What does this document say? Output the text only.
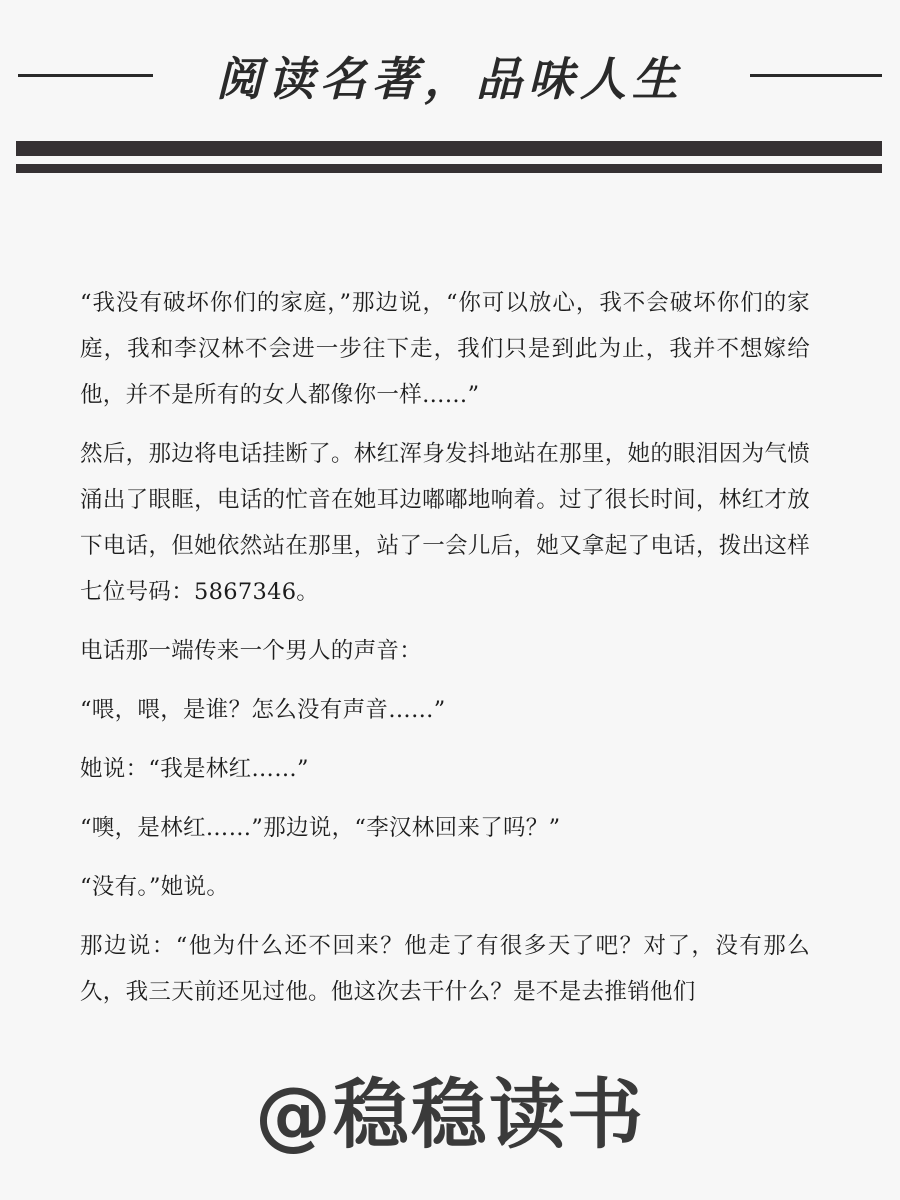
阅读名著，品味人生

“我没有破坏你们的家庭，”那边说，“你可以放心，我不会破坏你们的家庭，我和李汉林不会进一步往下走，我们只是到此为止，我并不想嫁给他，并不是所有的女人都像你一样……”

然后，那边将电话挂断了。林红浑身发抖地站在那里，她的眼泪因为气愤涌出了眼眶，电话的忙音在她耳边嘟嘟地响着。过了很长时间，林红才放下电话，但她依然站在那里，站了一会儿后，她又拿起了电话，拨出这样七位号码：5867346。

电话那一端传来一个男人的声音：

“喂，喂，是谁？怎么没有声音……”

她说：“我是林红……”

“噢，是林红……”那边说，“李汉林回来了吗？”

“没有。”她说。

那边说：“他为什么还不回来？他走了有很多天了吧？对了，没有那么久，我三天前还见过他。他这次去干什么？是不是去推销他们

@稳稳读书
